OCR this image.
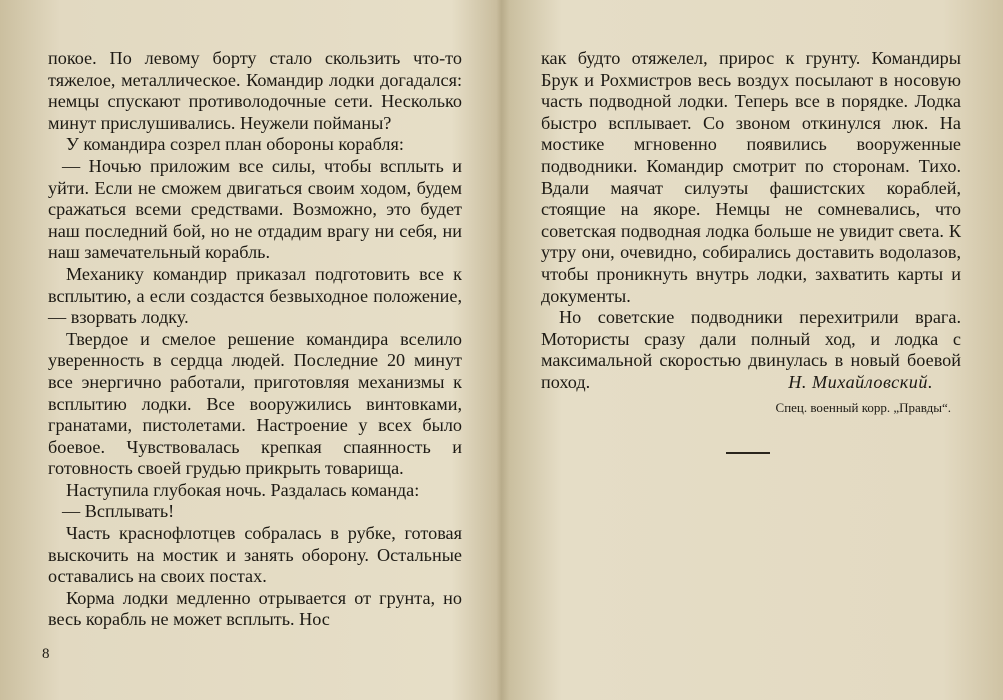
покое. По левому борту стало скользить что-то тяжелое, металлическое. Командир лодки догадался: немцы спускают противолодочные сети. Несколько минут прислушивались. Неужели пойманы?

У командира созрел план обороны корабля:

— Ночью приложим все силы, чтобы всплыть и уйти. Если не сможем двигаться своим ходом, будем сражаться всеми средствами. Возможно, это будет наш последний бой, но не отдадим врагу ни себя, ни наш замечательный корабль.

Механику командир приказал подготовить все к всплытию, а если создастся безвыходное положение,— взорвать лодку.

Твердое и смелое решение командира вселило уверенность в сердца людей. Последние 20 минут все энергично работали, приготовляя механизмы к всплытию лодки. Все вооружились винтовками, гранатами, пистолетами. Настроение у всех было боевое. Чувствовалась крепкая спаянность и готовность своей грудью прикрыть товарища.

Наступила глубокая ночь. Раздалась команда:

— Всплывать!

Часть краснофлотцев собралась в рубке, готовая выскочить на мостик и занять оборону. Остальные оставались на своих постах.

Корма лодки медленно отрывается от грунта, но весь корабль не может всплыть. Нос

8

как будто отяжелел, прирос к грунту. Командиры Брук и Рохмистров весь воздух посылают в носовую часть подводной лодки. Теперь все в порядке. Лодка быстро всплывает. Со звоном откинулся люк. На мостике мгновенно появились вооруженные подводники. Командир смотрит по сторонам. Тихо. Вдали маячат силуэты фашистских кораблей, стоящие на якоре. Немцы не сомневались, что советская подводная лодка больше не увидит света. К утру они, очевидно, собирались доставить водолазов, чтобы проникнуть внутрь лодки, захватить карты и документы.

Но советские подводники перехитрили врага. Мотористы сразу дали полный ход, и лодка с максимальной скоростью двинулась в новый боевой поход.	Н. Михайловский.
Спец. военный корр. „Правды“.
